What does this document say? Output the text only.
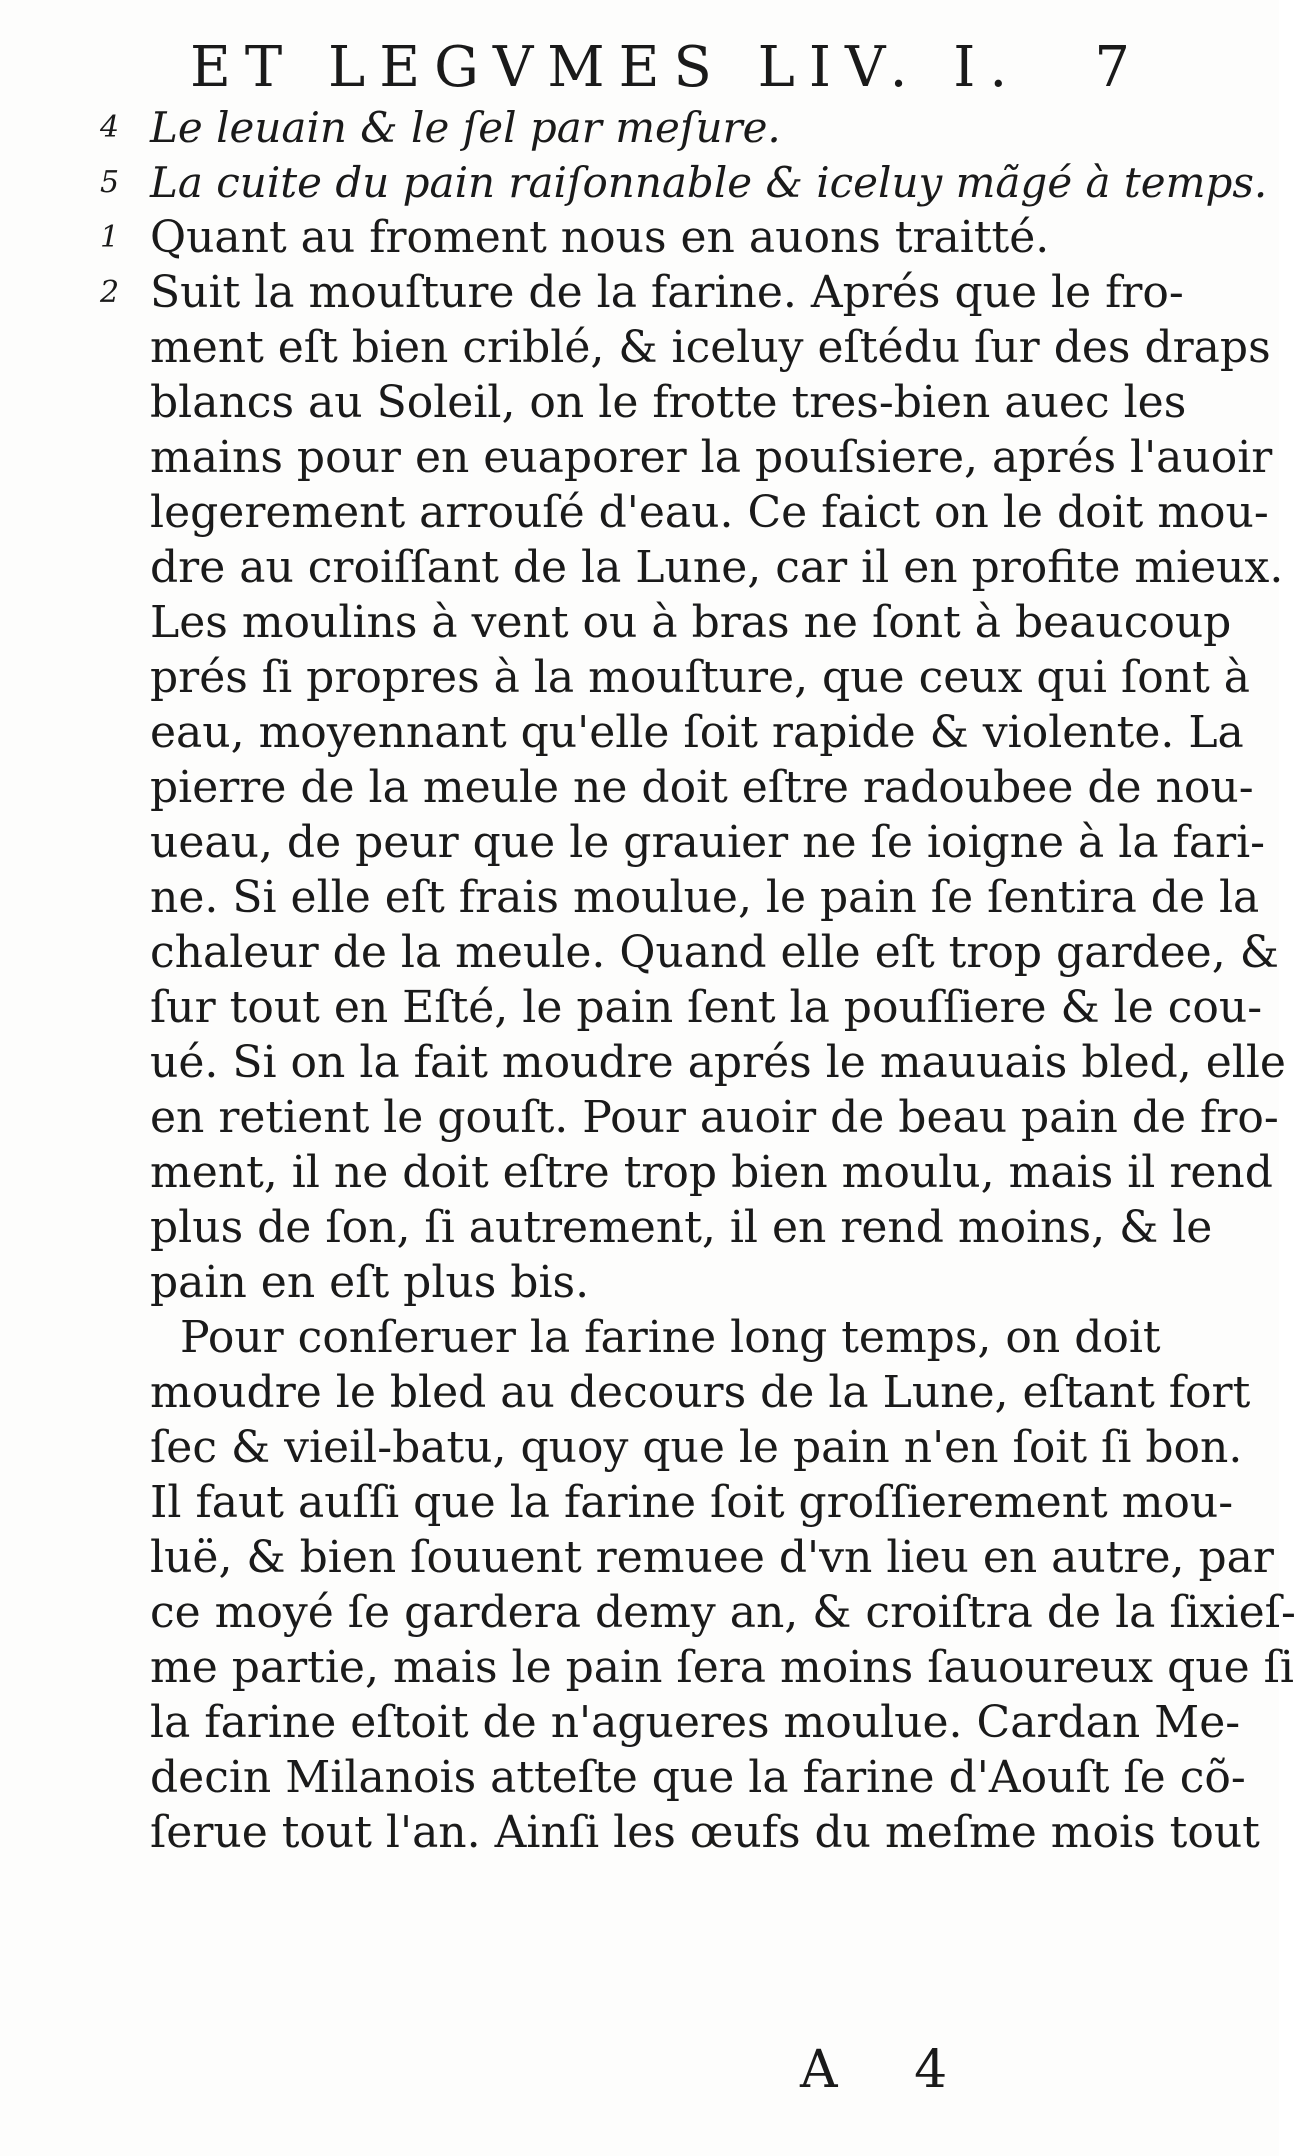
ET LEGVMES LIV. I. 7
4 Le leuain & le ſel par meſure.
5 La cuite du pain raiſonnable & iceluy mãgé à temps.
1 Quant au froment nous en auons traitté.
2 Suit la mouſture de la farine. Aprés que le fro-
ment eſt bien criblé, & iceluy eſtédu ſur des draps
blancs au Soleil, on le frotte tres-bien auec les
mains pour en euaporer la pouſsiere, aprés l'auoir
legerement arrouſé d'eau. Ce faict on le doit mou-
dre au croiſſant de la Lune, car il en profite mieux.
Les moulins à vent ou à bras ne ſont à beaucoup
prés ſi propres à la mouſture, que ceux qui ſont à
eau, moyennant qu'elle ſoit rapide & violente. La
pierre de la meule ne doit eſtre radoubee de nou-
ueau, de peur que le grauier ne ſe ioigne à la fari-
ne. Si elle eſt frais moulue, le pain ſe ſentira de la
chaleur de la meule. Quand elle eſt trop gardee, &
ſur tout en Eſté, le pain ſent la pouſſiere & le cou-
ué. Si on la fait moudre aprés le mauuais bled, elle
en retient le gouſt. Pour auoir de beau pain de fro-
ment, il ne doit eſtre trop bien moulu, mais il rend
plus de ſon, ſi autrement, il en rend moins, & le
pain en eſt plus bis.
Pour conſeruer la farine long temps, on doit
moudre le bled au decours de la Lune, eſtant fort
ſec & vieil-batu, quoy que le pain n'en ſoit ſi bon.
Il faut auſſi que la farine ſoit groſſierement mou-
luë, & bien ſouuent remuee d'vn lieu en autre, par
ce moyé ſe gardera demy an, & croiſtra de la ſixieſ-
me partie, mais le pain ſera moins ſauoureux que ſi
la farine eſtoit de n'agueres moulue. Cardan Me-
decin Milanois atteſte que la farine d'Aouſt ſe cõ-
ſerue tout l'an. Ainſi les œufs du meſme mois tout
A 4
